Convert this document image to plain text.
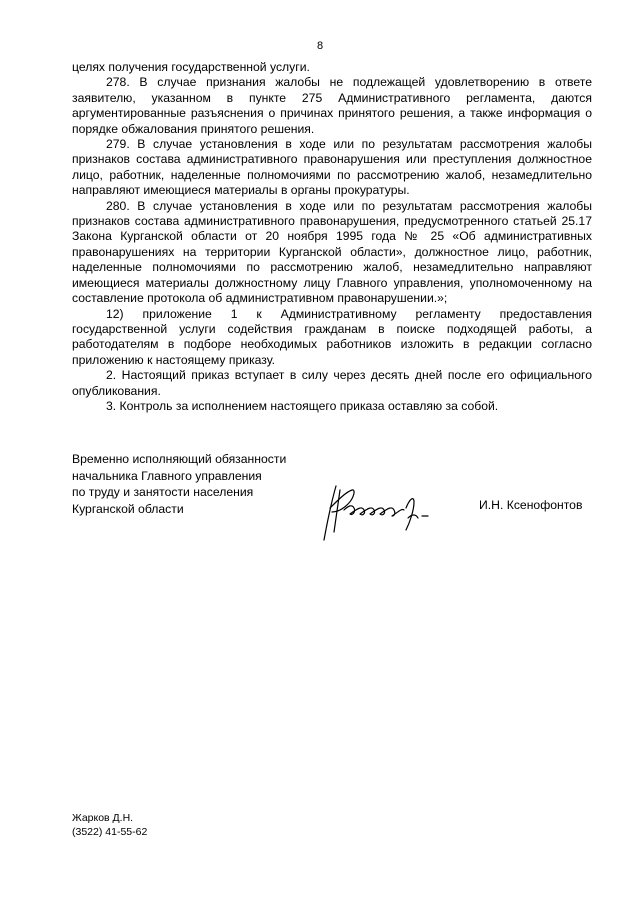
8

целях получения государственной услуги.

278. В случае признания жалобы не подлежащей удовлетворению в ответе заявителю, указанном в пункте 275 Административного регламента, даются аргументированные разъяснения о причинах принятого решения, а также информация о порядке обжалования принятого решения.

279. В случае установления в ходе или по результатам рассмотрения жалобы признаков состава административного правонарушения или преступления должностное лицо, работник, наделенные полномочиями по рассмотрению жалоб, незамедлительно направляют имеющиеся материалы в органы прокуратуры.

280. В случае установления в ходе или по результатам рассмотрения жалобы признаков состава административного правонарушения, предусмотренного статьей 25.17 Закона Курганской области от 20 ноября 1995 года № 25 «Об административных правонарушениях на территории Курганской области», должностное лицо, работник, наделенные полномочиями по рассмотрению жалоб, незамедлительно направляют имеющиеся материалы должностному лицу Главного управления, уполномоченному на составление протокола об административном правонарушении.»;

12) приложение 1 к Административному регламенту предоставления государственной услуги содействия гражданам в поиске подходящей работы, а работодателям в подборе необходимых работников изложить в редакции согласно приложению к настоящему приказу.

2. Настоящий приказ вступает в силу через десять дней после его официального опубликования.

3. Контроль за исполнением настоящего приказа оставляю за собой.

Временно исполняющий обязанности
начальника Главного управления
по труду и занятости населения
Курганской области	И.Н. Ксенофонтов
Жарков Д.Н.
(3522) 41-55-62
